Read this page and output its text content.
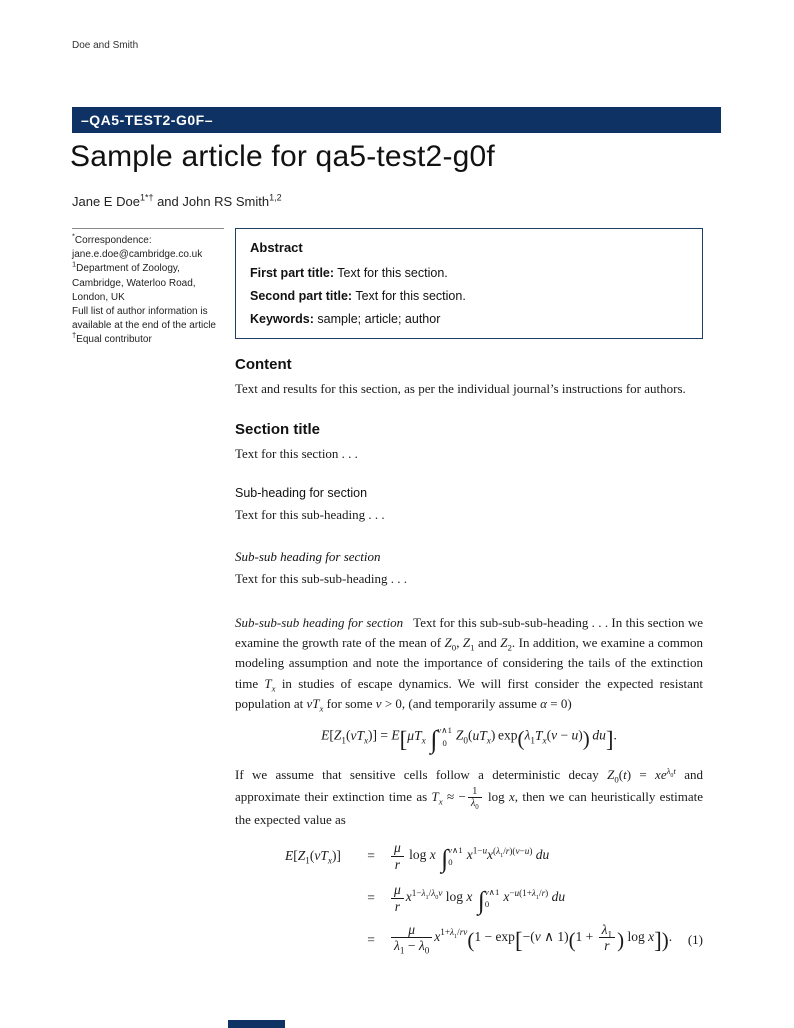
Doe and Smith
–QA5-TEST2-G0F–
Sample article for qa5-test2-g0f
Jane E Doe$^{1*\dagger}$ and John RS Smith$^{1,2}$
*Correspondence:
jane.e.doe@cambridge.co.uk
$^1$Department of Zoology,
Cambridge, Waterloo Road,
London, UK
Full list of author information is
available at the end of the article
†Equal contributor
Abstract
First part title: Text for this section.
Second part title: Text for this section.
Keywords: sample; article; author
Content

Text and results for this section, as per the individual journal’s instructions for authors.

Section title

Text for this section . . .

Sub-heading for section

Text for this sub-heading . . .

Sub-sub heading for section

Text for this sub-sub-heading . . .

Sub-sub-sub heading for section   Text for this sub-sub-sub-heading . . . In this section we examine the growth rate of the mean of $Z_0$, $Z_1$ and $Z_2$. In addition, we examine a common modeling assumption and note the importance of considering the tails of the extinction time $T_x$ in studies of escape dynamics. We will first consider the expected resistant population at $vT_x$ for some v > 0, (and temporarily assume α = 0)

$E[Z_1(vT_x)] = E[\mu T_x$  ∫ v∧1
0
$Z_0(uT_x) \exp(\lambda_1T_x(v - u))$  du].

If we assume that sensitive cells follow a deterministic decay $Z_0(t) = xe^{\lambda_0t}$ and approximate their extinction time as $T_x$ ≈ − $\frac{1}{\lambda_0}$ log x, then we can heuristically estimate the expected value as

$E[Z_1(vT_x)]$	=	$\frac{\mu}{r}$ log x ∫ v∧1
0
$x^{1-u}x^{(\lambda_1/r)(v-u)}$ du
=	$\frac{\mu}{r} x^{1-\lambda_1/\lambda_0v}$ log x ∫ v∧1
0
$x^{-u(1+\lambda_1/r)}$ du
=	$\frac{\mu}{\lambda_1 - \lambda_0} x^{1+\lambda_1/rv}(1 - \exp[-(v$ ∧ $1)(1 + \frac{\lambda_1}{r}$ ) log x]).	(1)
